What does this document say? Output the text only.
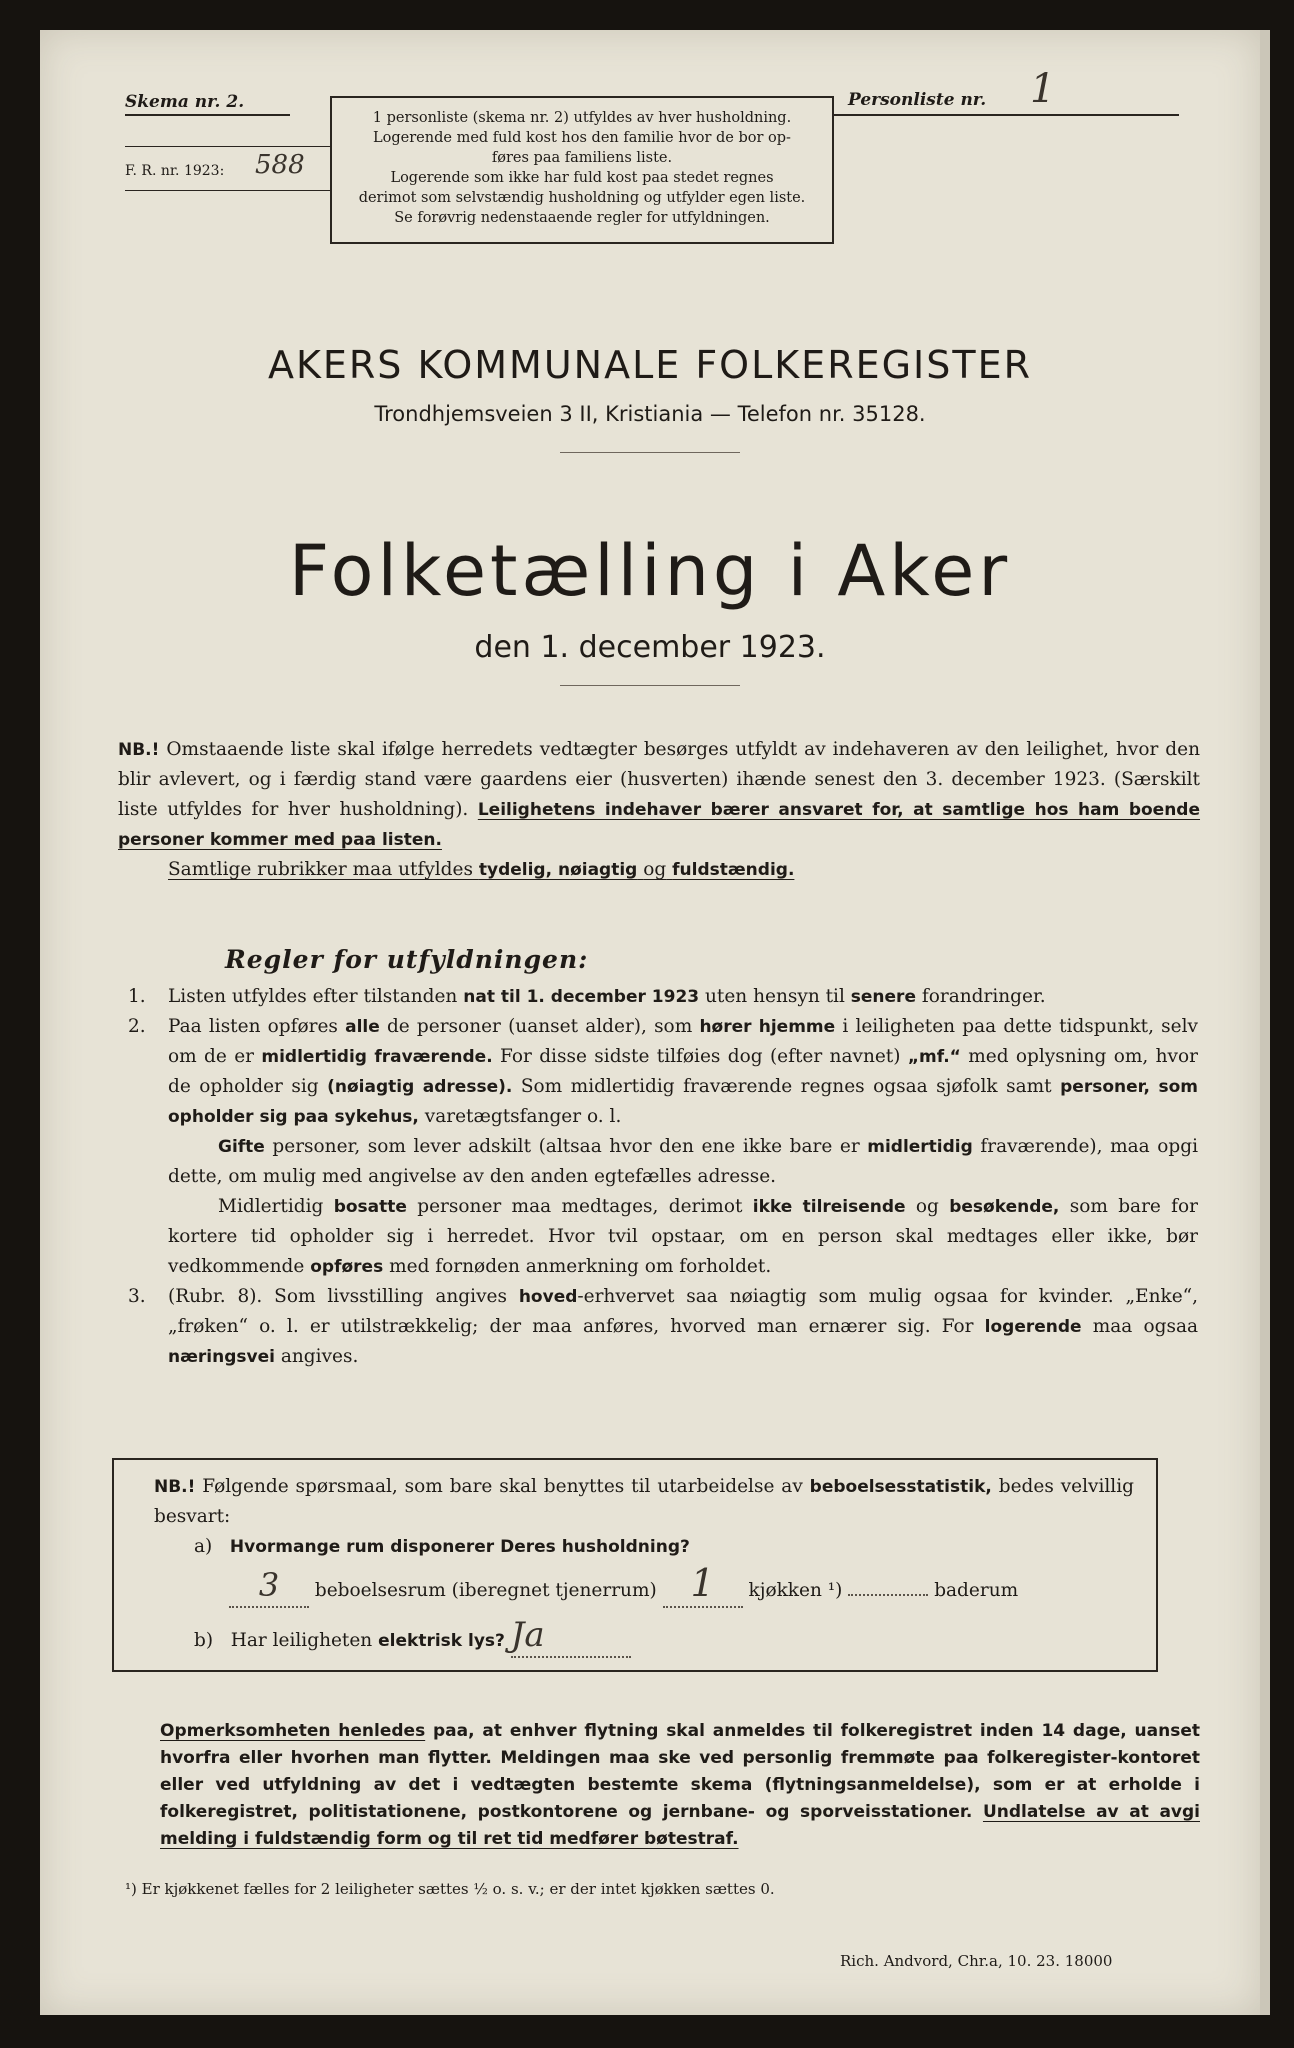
Skema nr. 2.
F. R. nr. 1923: 588
1 personliste (skema nr. 2) utfyldes av hver husholdning.
Logerende med fuld kost hos den familie hvor de bor op-
føres paa familiens liste.
Logerende som ikke har fuld kost paa stedet regnes
derimot som selvstændig husholdning og utfylder egen liste.
Se forøvrig nedenstaaende regler for utfyldningen.
Personliste nr. 1
AKERS KOMMUNALE FOLKEREGISTER
Trondhjemsveien 3 II, Kristiania — Telefon nr. 35128.
Folketælling i Aker
den 1. december 1923.
NB.! Omstaaende liste skal ifølge herredets vedtægter besørges utfyldt av indehaveren av den leilighet, hvor den blir avlevert, og i færdig stand være gaardens eier (husverten) ihænde senest den 3. december 1923. (Særskilt liste utfyldes for hver husholdning). Leilighetens indehaver bærer ansvaret for, at samtlige hos ham boende personer kommer med paa listen.
Samtlige rubrikker maa utfyldes tydelig, nøiagtig og fuldstændig.
Regler for utfyldningen:
1.	Listen utfyldes efter tilstanden nat til 1. december 1923 uten hensyn til senere forandringer.
2.	Paa listen opføres alle de personer (uanset alder), som hører hjemme i leiligheten paa dette tidspunkt, selv om de er midlertidig fraværende. For disse sidste tilføies dog (efter navnet) „mf.“ med oplysning om, hvor de opholder sig (nøiagtig adresse). Som midlertidig fraværende regnes ogsaa sjøfolk samt personer, som opholder sig paa sykehus, varetægtsfanger o. l.
Gifte personer, som lever adskilt (altsaa hvor den ene ikke bare er midlertidig fraværende), maa opgi dette, om mulig med angivelse av den anden egtefælles adresse.
Midlertidig bosatte personer maa medtages, derimot ikke tilreisende og besøkende, som bare for kortere tid opholder sig i herredet. Hvor tvil opstaar, om en person skal medtages eller ikke, bør vedkommende opføres med fornøden anmerkning om forholdet.
3.	(Rubr. 8). Som livsstilling angives hoved-erhvervet saa nøiagtig som mulig ogsaa for kvinder. „Enke“, „frøken“ o. l. er utilstrækkelig; der maa anføres, hvorved man ernærer sig. For logerende maa ogsaa næringsvei angives.
NB.! Følgende spørsmaal, som bare skal benyttes til utarbeidelse av beboelsesstatistik, bedes velvillig besvart:
a) Hvormange rum disponerer Deres husholdning?
3 beboelsesrum (iberegnet tjenerrum) 1 kjøkken ¹)	baderum
b) Har leiligheten elektrisk lys? Ja
Opmerksomheten henledes paa, at enhver flytning skal anmeldes til folkeregistret inden 14 dage, uanset hvorfra eller hvorhen man flytter. Meldingen maa ske ved personlig fremmøte paa folkeregister-kontoret eller ved utfyldning av det i vedtægten bestemte skema (flytningsanmeldelse), som er at erholde i folkeregistret, politistationene, postkontorene og jernbane- og sporveisstationer. Undlatelse av at avgi melding i fuldstændig form og til ret tid medfører bøtestraf.
¹) Er kjøkkenet fælles for 2 leiligheter sættes ½ o. s. v.; er der intet kjøkken sættes 0.
Rich. Andvord, Chr.a, 10. 23. 18000
